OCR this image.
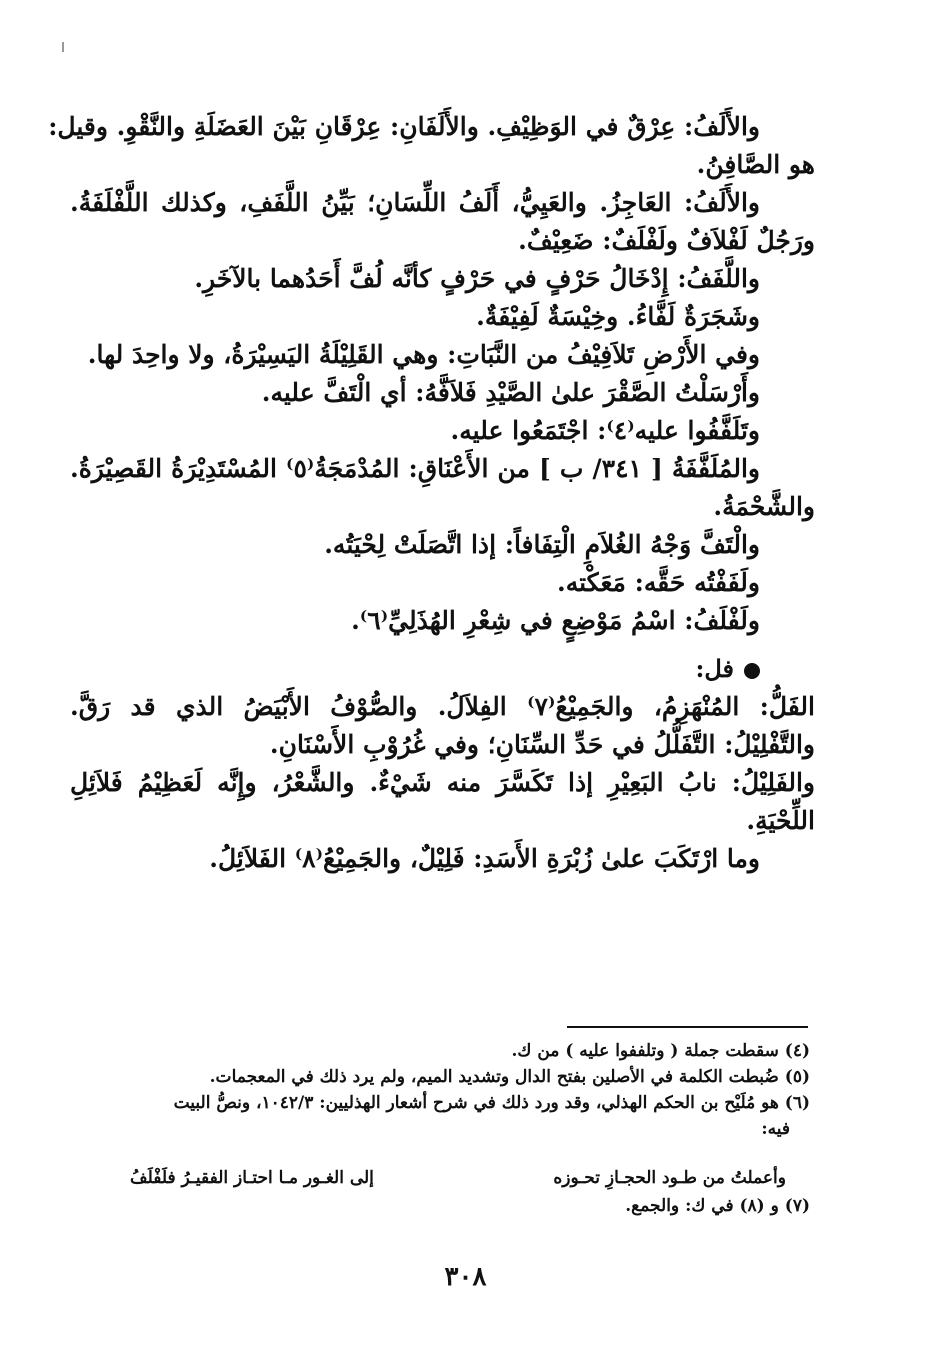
والأَلَفُ: عِرْقٌ في الوَظِيْفِ. والأَلَفَانِ: عِرْقَانِ بَيْنَ العَضَلَةِ والنَّقْوِ. وقيل:
هو الصَّافِنُ.
والأَلَفُ: العَاجِزُ. والعَيِيُّ، أَلَفُ اللِّسَانِ؛ بَيِّنُ اللَّفَفِ، وكذلك اللَّفْلَفَةُ.
ورَجُلٌ لَفْلاَفٌ ولَفْلَفٌ: ضَعِيْفٌ.
واللَّفَفُ: إِدْخَالُ حَرْفٍ في حَرْفٍ كأنَّه لُفَّ أَحَدُهما بالآخَرِ.
وشَجَرَةٌ لَفَّاءُ. وخِيْسَةٌ لَفِيْفَةٌ.
وفي الأَرْضِ تَلاَفِيْفُ من النَّبَاتِ: وهي القَلِيْلَةُ اليَسِيْرَةُ، ولا واحِدَ لها.
وأَرْسَلْتُ الصَّقْرَ علىٰ الصَّيْدِ فَلاَفَّهُ: أي الْتَفَّ عليه.
وتَلَفَّفُوا عليه⁽٤⁾: اجْتَمَعُوا عليه.
والمُلَفَّفَةُ [ ٣٤١/ ب ] من الأَعْنَاقِ: المُدْمَجَةُ⁽٥⁾ المُسْتَدِيْرَةُ القَصِيْرَةُ.
والشَّحْمَةُ.
والْتَفَّ وَجْهُ الغُلاَمِ الْتِفَافاً: إذا اتَّصَلَتْ لِحْيَتُه.
ولَفَفْتُه حَقَّه: مَعَكْته.
ولَفْلَفُ: اسْمُ مَوْضِعٍ في شِعْرِ الهُذَلِيِّ⁽٦⁾.
فل:
الفَلُّ: المُنْهَزِمُ، والجَمِيْعُ⁽٧⁾ الفِلاَلُ. والصُّوْفُ الأَبْيَضُ الذي قد رَقَّ.
والتَّفْلِيْلُ: التَّفَلُّلُ في حَدِّ السِّنَانِ؛ وفي غُرُوْبِ الأَسْنَانِ.
والفَلِيْلُ: نابُ البَعِيْرِ إذا تَكَسَّرَ منه شَيْءٌ. والشَّعْرُ، وإِنَّه لَعَظِيْمُ فَلاَئِلِ
اللِّحْيَةِ.
وما ارْتَكَبَ علىٰ زُبْرَةِ الأَسَدِ: فَلِيْلٌ، والجَمِيْعُ⁽٨⁾ الفَلاَئِلُ.
(٤) سقطت جملة ( وتلففوا عليه ) من ك.
(٥) ضُبطت الكلمة في الأصلين بفتح الدال وتشديد الميم، ولم يرد ذلك في المعجمات.
(٦) هو مُلَيْح بن الحكم الهذلي، وقد ورد ذلك في شرح أشعار الهذليين: ١٠٤٢/٣، ونصُّ البيت
فيه:
وأعملتُ من طـود الحجـازِ تحـوزه
إلى الغـور مـا احتـاز الفقيـرُ فلَفْلَفُ
(٧) و (٨) في ك: والجمع.
٣٠٨
